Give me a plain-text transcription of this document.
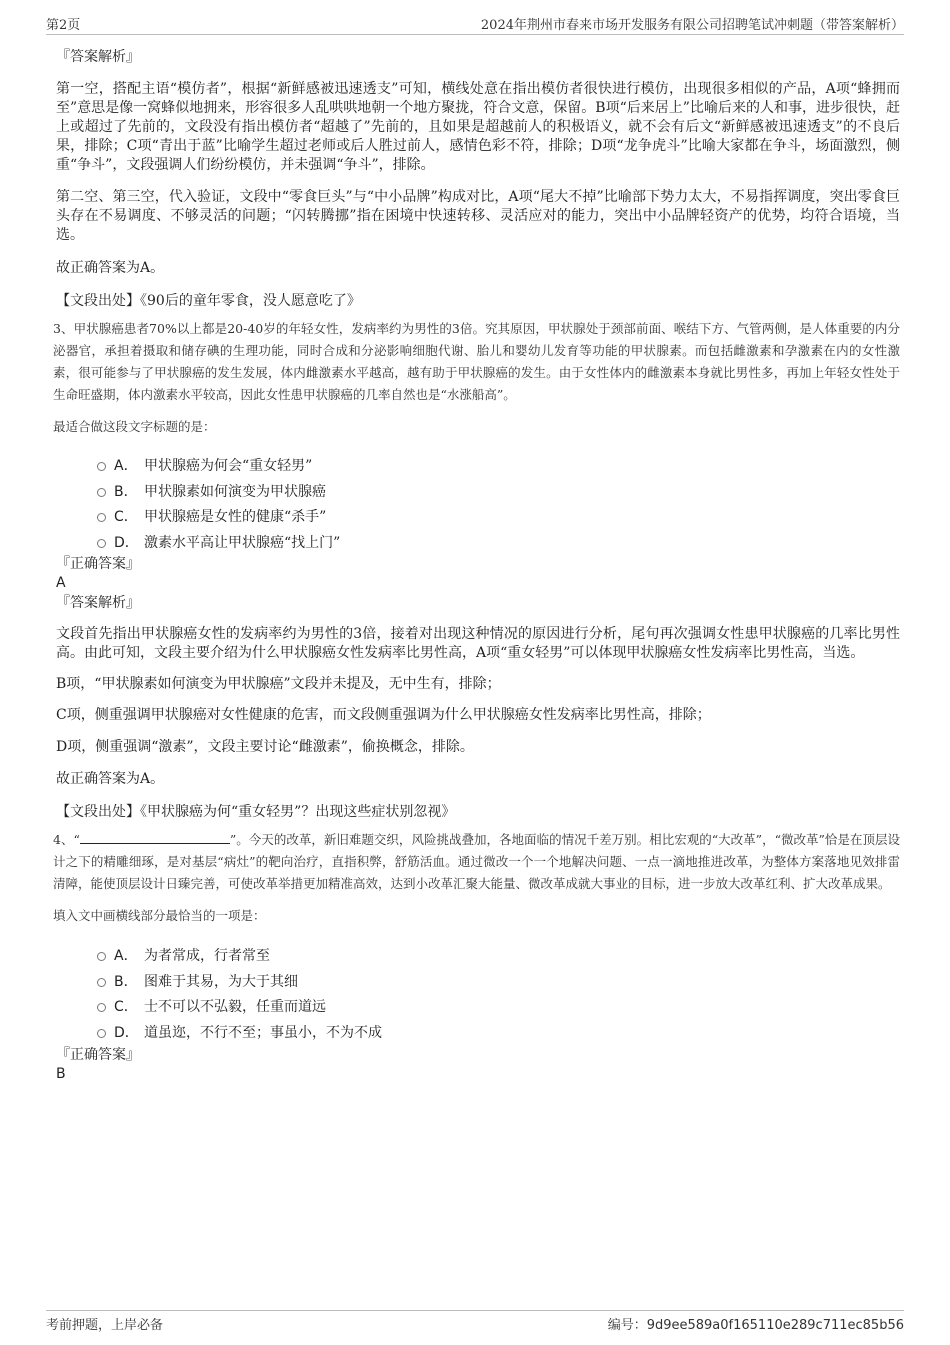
第2页	2024年荆州市春来市场开发服务有限公司招聘笔试冲刺题（带答案解析）

『答案解析』

第一空，搭配主语“模仿者”，根据“新鲜感被迅速透支”可知，横线处意在指出模仿者很快进行模仿，出现很多相似的产品，A项“蜂拥而至”意思是像一窝蜂似地拥来，形容很多人乱哄哄地朝一个地方聚拢，符合文意，保留。B项“后来居上”比喻后来的人和事，进步很快，赶上或超过了先前的，文段没有指出模仿者“超越了”先前的，且如果是超越前人的积极语义，就不会有后文“新鲜感被迅速透支”的不良后果，排除；C项“青出于蓝”比喻学生超过老师或后人胜过前人，感情色彩不符，排除；D项“龙争虎斗”比喻大家都在争斗，场面激烈，侧重“争斗”，文段强调人们纷纷模仿，并未强调“争斗”，排除。

第二空、第三空，代入验证，文段中“零食巨头”与“中小品牌”构成对比，A项“尾大不掉”比喻部下势力太大，不易指挥调度，突出零食巨头存在不易调度、不够灵活的问题；“闪转腾挪”指在困境中快速转移、灵活应对的能力，突出中小品牌轻资产的优势，均符合语境，当选。

故正确答案为A。

【文段出处】《90后的童年零食，没人愿意吃了》

3、甲状腺癌患者70%以上都是20-40岁的年轻女性，发病率约为男性的3倍。究其原因，甲状腺处于颈部前面、喉结下方、气管两侧，是人体重要的内分泌器官，承担着摄取和储存碘的生理功能，同时合成和分泌影响细胞代谢、胎儿和婴幼儿发育等功能的甲状腺素。而包括雌激素和孕激素在内的女性激素，很可能参与了甲状腺癌的发生发展，体内雌激素水平越高，越有助于甲状腺癌的发生。由于女性体内的雌激素本身就比男性多，再加上年轻女性处于生命旺盛期，体内激素水平较高，因此女性患甲状腺癌的几率自然也是“水涨船高”。

最适合做这段文字标题的是：

A． 甲状腺癌为何会“重女轻男”
B． 甲状腺素如何演变为甲状腺癌
C． 甲状腺癌是女性的健康“杀手”
D． 激素水平高让甲状腺癌“找上门”

『正确答案』

A

『答案解析』

文段首先指出甲状腺癌女性的发病率约为男性的3倍，接着对出现这种情况的原因进行分析，尾句再次强调女性患甲状腺癌的几率比男性高。由此可知，文段主要介绍为什么甲状腺癌女性发病率比男性高，A项“重女轻男”可以体现甲状腺癌女性发病率比男性高，当选。

B项，“甲状腺素如何演变为甲状腺癌”文段并未提及，无中生有，排除；

C项，侧重强调甲状腺癌对女性健康的危害，而文段侧重强调为什么甲状腺癌女性发病率比男性高，排除；

D项，侧重强调“激素”，文段主要讨论“雌激素”，偷换概念，排除。

故正确答案为A。

【文段出处】《甲状腺癌为何“重女轻男”？出现这些症状别忽视》

4、“	”。今天的改革，新旧难题交织，风险挑战叠加，各地面临的情况千差万别。相比宏观的“大改革”，“微改革”恰是在顶层设计之下的精雕细琢，是对基层“病灶”的靶向治疗，直指积弊，舒筋活血。通过微改一个一个地解决问题、一点一滴地推进改革，为整体方案落地见效排雷清障，能使顶层设计日臻完善，可使改革举措更加精准高效，达到小改革汇聚大能量、微改革成就大事业的目标，进一步放大改革红利、扩大改革成果。

填入文中画横线部分最恰当的一项是：

A． 为者常成，行者常至
B． 图难于其易，为大于其细
C． 士不可以不弘毅，任重而道远
D． 道虽迩，不行不至；事虽小，不为不成

『正确答案』

B

考前押题，上岸必备	编号：9d9ee589a0f165110e289c711ec85b56
